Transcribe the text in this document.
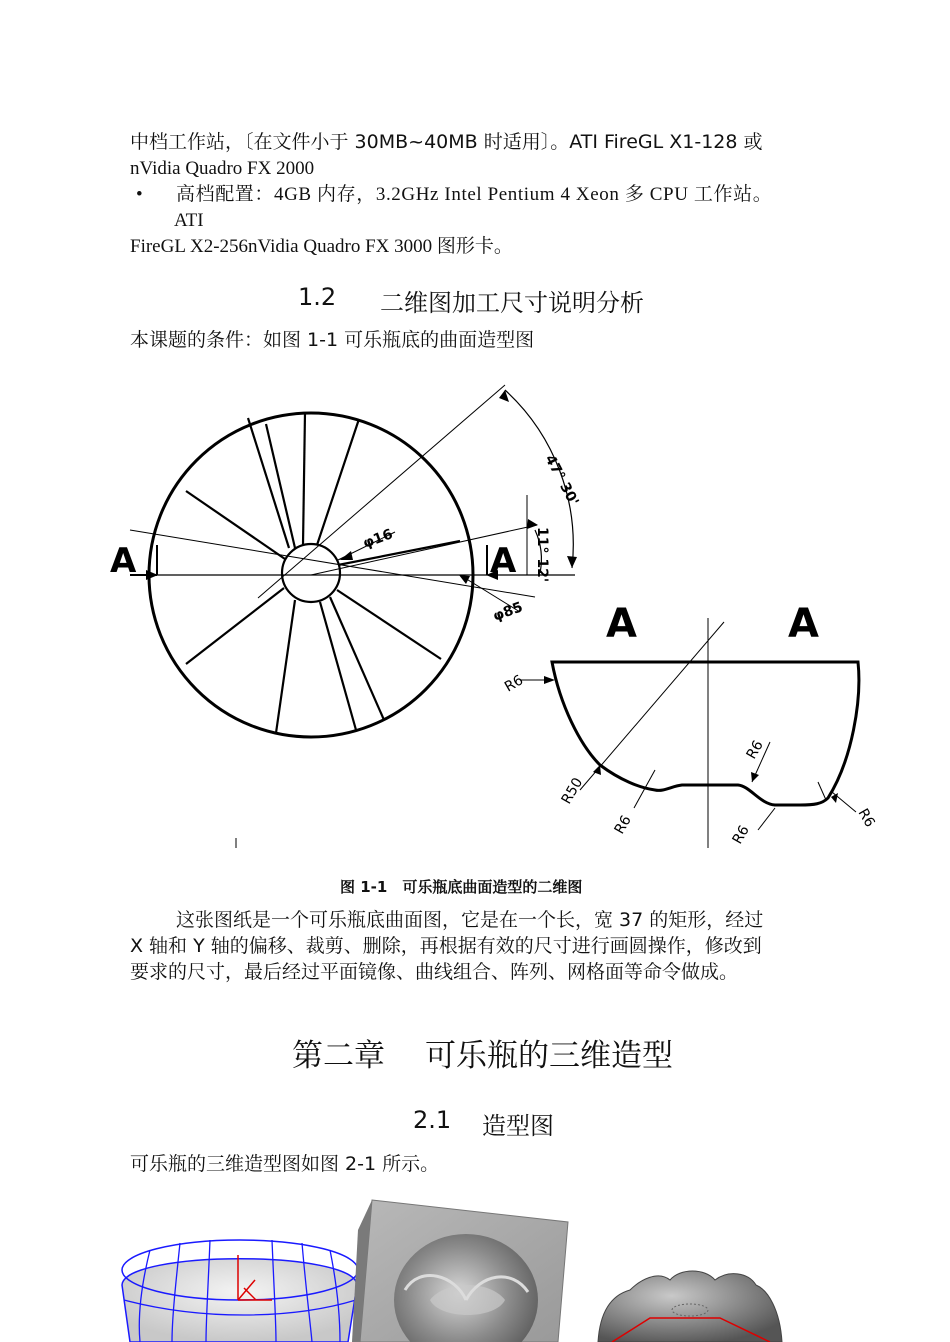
中档工作站，〔在文件小于 30MB~40MB 时适用〕。ATI FireGL X1-128 或
nVidia Quadro FX 2000
• 高档配置：4GB 内存，3.2GHz Intel Pentium 4 Xeon 多 CPU 工作站。
ATI
FireGL X2-256nVidia Quadro FX 3000 图形卡。
1.2 二维图加工尺寸说明分析
本课题的条件：如图 1-1 可乐瓶底的曲面造型图
A	A
47° 30'
11° 12'
φ16
φ85 A	A
R6
R6
R50
R6
R6
R6
图 1-1　可乐瓶底曲面造型的二维图
这张图纸是一个可乐瓶底曲面图，它是在一个长，宽 37 的矩形，经过
X 轴和 Y 轴的偏移、裁剪、删除，再根据有效的尺寸进行画圆操作，修改到
要求的尺寸，最后经过平面镜像、曲线组合、阵列、网格面等命令做成。
第二章 可乐瓶的三维造型
2.1 造型图
可乐瓶的三维造型图如图 2-1 所示。
